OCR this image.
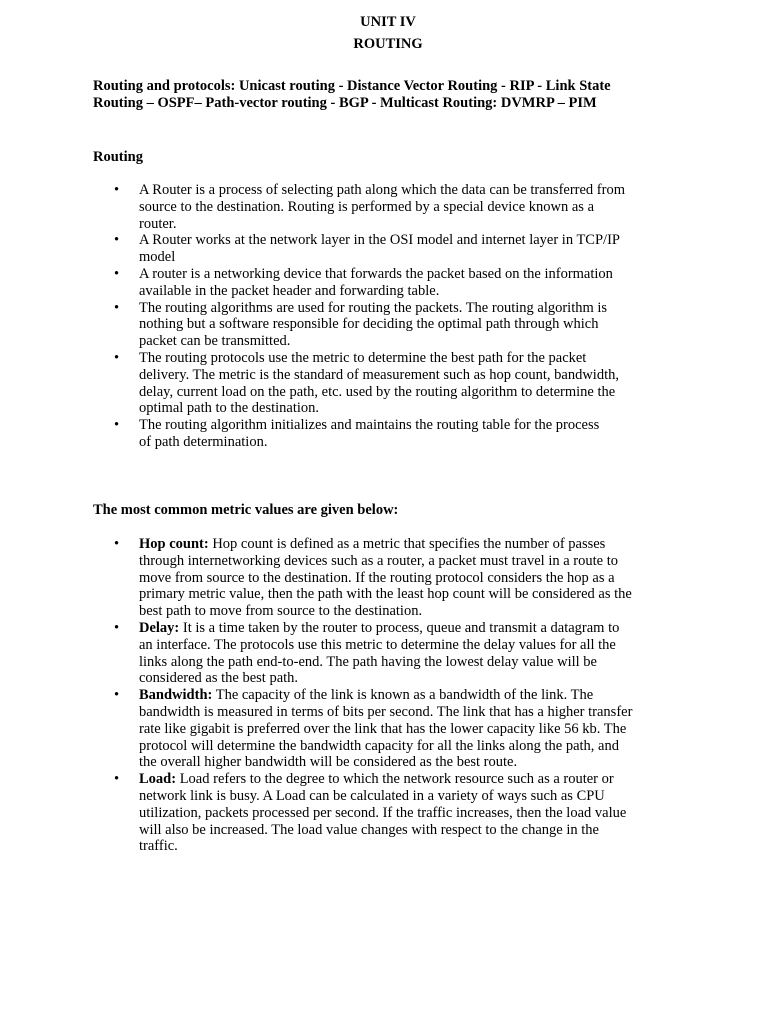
UNIT IV
ROUTING
Routing and protocols: Unicast routing - Distance Vector Routing - RIP - Link State
Routing – OSPF– Path-vector routing - BGP - Multicast Routing: DVMRP – PIM
Routing
• A Router is a process of selecting path along which the data can be transferred from
source to the destination. Routing is performed by a special device known as a
router.
• A Router works at the network layer in the OSI model and internet layer in TCP/IP
model
• A router is a networking device that forwards the packet based on the information
available in the packet header and forwarding table.
• The routing algorithms are used for routing the packets. The routing algorithm is
nothing but a software responsible for deciding the optimal path through which
packet can be transmitted.
• The routing protocols use the metric to determine the best path for the packet
delivery. The metric is the standard of measurement such as hop count, bandwidth,
delay, current load on the path, etc. used by the routing algorithm to determine the
optimal path to the destination.
• The routing algorithm initializes and maintains the routing table for the process
of path determination.
The most common metric values are given below:
• Hop count: Hop count is defined as a metric that specifies the number of passes
through internetworking devices such as a router, a packet must travel in a route to
move from source to the destination. If the routing protocol considers the hop as a
primary metric value, then the path with the least hop count will be considered as the
best path to move from source to the destination.
• Delay: It is a time taken by the router to process, queue and transmit a datagram to
an interface. The protocols use this metric to determine the delay values for all the
links along the path end-to-end. The path having the lowest delay value will be
considered as the best path.
• Bandwidth: The capacity of the link is known as a bandwidth of the link. The
bandwidth is measured in terms of bits per second. The link that has a higher transfer
rate like gigabit is preferred over the link that has the lower capacity like 56 kb. The
protocol will determine the bandwidth capacity for all the links along the path, and
the overall higher bandwidth will be considered as the best route.
• Load: Load refers to the degree to which the network resource such as a router or
network link is busy. A Load can be calculated in a variety of ways such as CPU
utilization, packets processed per second. If the traffic increases, then the load value
will also be increased. The load value changes with respect to the change in the
traffic.
